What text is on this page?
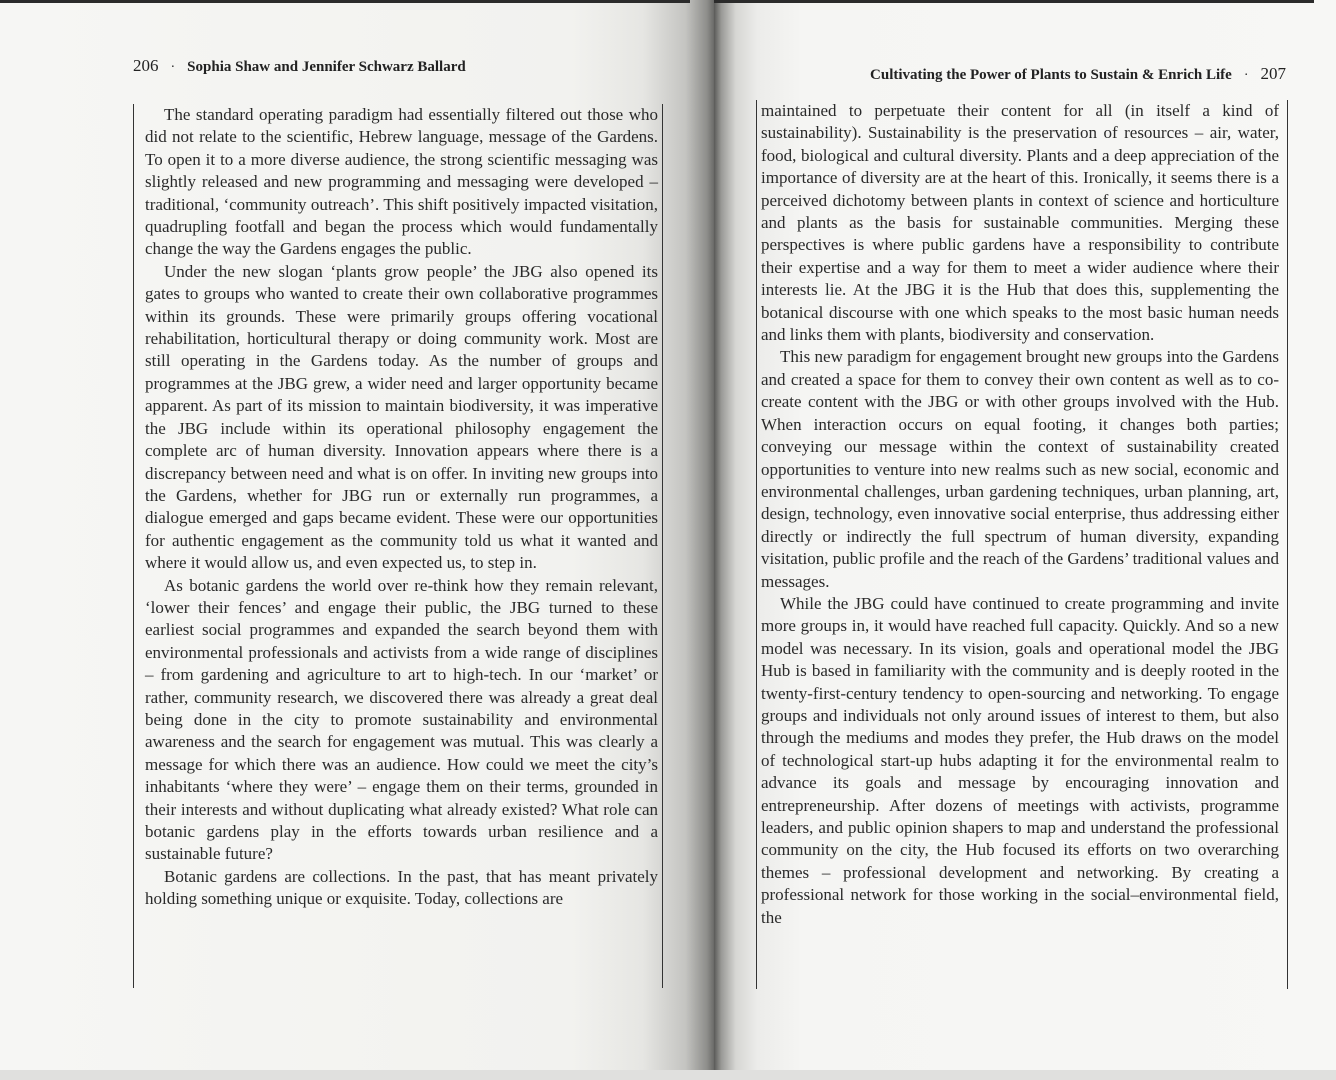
206 · Sophia Shaw and Jennifer Schwarz Ballard

The standard operating paradigm had essentially filtered out those who did not relate to the scientific, Hebrew language, message of the Gardens. To open it to a more diverse audience, the strong scientific messaging was slightly released and new programming and messaging were developed – traditional, ‘community outreach’. This shift positively impacted visitation, quadrupling footfall and began the process which would fundamentally change the way the Gardens engages the public.

Under the new slogan ‘plants grow people’ the JBG also opened its gates to groups who wanted to create their own collaborative programmes within its grounds. These were primarily groups offering vocational rehabilitation, horticultural therapy or doing community work. Most are still operating in the Gardens today. As the number of groups and programmes at the JBG grew, a wider need and larger opportunity became apparent. As part of its mission to maintain biodiversity, it was imperative the JBG include within its operational philosophy engagement the complete arc of human diversity. Innovation appears where there is a discrepancy between need and what is on offer. In inviting new groups into the Gardens, whether for JBG run or externally run programmes, a dialogue emerged and gaps became evident. These were our opportunities for authentic engagement as the community told us what it wanted and where it would allow us, and even expected us, to step in.

As botanic gardens the world over re-think how they remain relevant, ‘lower their fences’ and engage their public, the JBG turned to these earliest social programmes and expanded the search beyond them with environmental professionals and activists from a wide range of disciplines – from gardening and agriculture to art to high-tech. In our ‘market’ or rather, community research, we discovered there was already a great deal being done in the city to promote sustainability and environmental awareness and the search for engagement was mutual. This was clearly a message for which there was an audience. How could we meet the city’s inhabitants ‘where they were’ – engage them on their terms, grounded in their interests and without duplicating what already existed? What role can botanic gardens play in the efforts towards urban resilience and a sustainable future?

Botanic gardens are collections. In the past, that has meant privately holding something unique or exquisite. Today, collections are

Cultivating the Power of Plants to Sustain & Enrich Life · 207

maintained to perpetuate their content for all (in itself a kind of sustainability). Sustainability is the preservation of resources – air, water, food, biological and cultural diversity. Plants and a deep appreciation of the importance of diversity are at the heart of this. Ironically, it seems there is a perceived dichotomy between plants in context of science and horticulture and plants as the basis for sustainable communities. Merging these perspectives is where public gardens have a responsibility to contribute their expertise and a way for them to meet a wider audience where their interests lie. At the JBG it is the Hub that does this, supplementing the botanical discourse with one which speaks to the most basic human needs and links them with plants, biodiversity and conservation.

This new paradigm for engagement brought new groups into the Gardens and created a space for them to convey their own content as well as to co-create content with the JBG or with other groups involved with the Hub. When interaction occurs on equal footing, it changes both parties; conveying our message within the context of sustainability created opportunities to venture into new realms such as new social, economic and environmental challenges, urban gardening techniques, urban planning, art, design, technology, even innovative social enterprise, thus addressing either directly or indirectly the full spectrum of human diversity, expanding visitation, public profile and the reach of the Gardens’ traditional values and messages.

While the JBG could have continued to create programming and invite more groups in, it would have reached full capacity. Quickly. And so a new model was necessary. In its vision, goals and operational model the JBG Hub is based in familiarity with the community and is deeply rooted in the twenty-first-century tendency to open-sourcing and networking. To engage groups and individuals not only around issues of interest to them, but also through the mediums and modes they prefer, the Hub draws on the model of technological start-up hubs adapting it for the environmental realm to advance its goals and message by encouraging innovation and entrepreneurship. After dozens of meetings with activists, programme leaders, and public opinion shapers to map and understand the professional community on the city, the Hub focused its efforts on two overarching themes – professional development and networking. By creating a professional network for those working in the social–environmental field, the
